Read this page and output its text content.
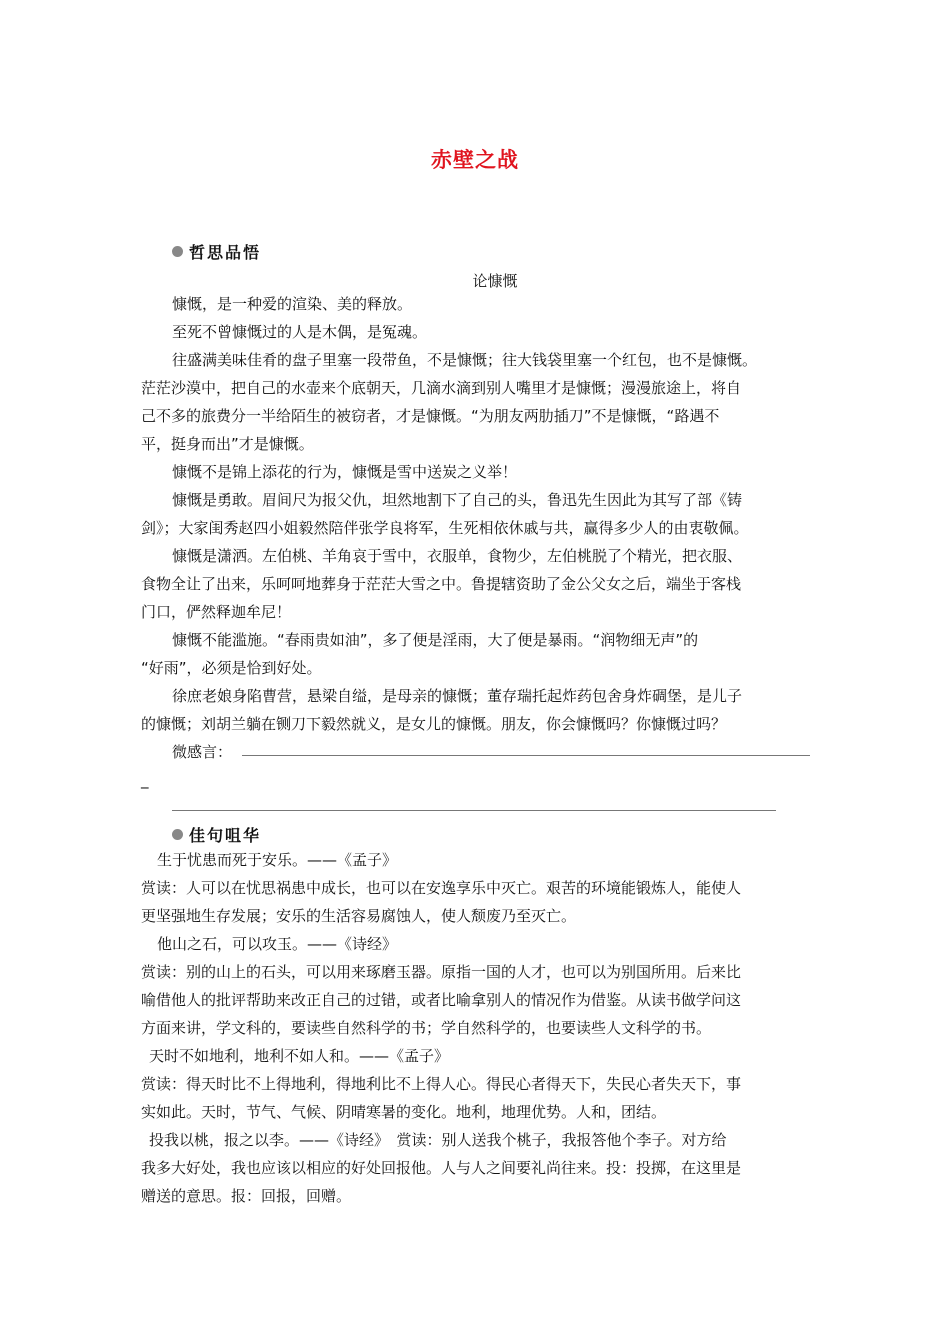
赤壁之战
哲思品悟
论慷慨
慷慨，是一种爱的渲染、美的释放。
至死不曾慷慨过的人是木偶，是冤魂。
往盛满美味佳肴的盘子里塞一段带鱼，不是慷慨；往大钱袋里塞一个红包，也不是慷慨。
茫茫沙漠中，把自己的水壶来个底朝天，几滴水滴到别人嘴里才是慷慨；漫漫旅途上，将自
己不多的旅费分一半给陌生的被窃者，才是慷慨。“为朋友两肋插刀”不是慷慨，“路遇不
平，挺身而出”才是慷慨。
慷慨不是锦上添花的行为，慷慨是雪中送炭之义举！
慷慨是勇敢。眉间尺为报父仇，坦然地割下了自己的头，鲁迅先生因此为其写了部《铸
剑》；大家闺秀赵四小姐毅然陪伴张学良将军，生死相依休戚与共，赢得多少人的由衷敬佩。
慷慨是潇洒。左伯桃、羊角哀于雪中，衣服单，食物少，左伯桃脱了个精光，把衣服、
食物全让了出来，乐呵呵地葬身于茫茫大雪之中。鲁提辖资助了金公父女之后，端坐于客栈
门口，俨然释迦牟尼！
慷慨不能滥施。“春雨贵如油”，多了便是淫雨，大了便是暴雨。“润物细无声”的
“好雨”，必须是恰到好处。
徐庶老娘身陷曹营，悬梁自缢，是母亲的慷慨；董存瑞托起炸药包舍身炸碉堡，是儿子
的慷慨；刘胡兰躺在铡刀下毅然就义，是女儿的慷慨。朋友，你会慷慨吗？你慷慨过吗？
微感言：
_
佳句咀华
生于忧患而死于安乐。——《孟子》
赏读：人可以在忧思祸患中成长，也可以在安逸享乐中灭亡。艰苦的环境能锻炼人，能使人
更坚强地生存发展；安乐的生活容易腐蚀人，使人颓废乃至灭亡。
他山之石，可以攻玉。——《诗经》
赏读：别的山上的石头，可以用来琢磨玉器。原指一国的人才，也可以为别国所用。后来比
喻借他人的批评帮助来改正自己的过错，或者比喻拿别人的情况作为借鉴。从读书做学问这
方面来讲，学文科的，要读些自然科学的书；学自然科学的，也要读些人文科学的书。
天时不如地利，地利不如人和。——《孟子》
赏读：得天时比不上得地利，得地利比不上得人心。得民心者得天下，失民心者失天下，事
实如此。天时，节气、气候、阴晴寒暑的变化。地利，地理优势。人和，团结。
投我以桃，报之以李。——《诗经》　赏读：别人送我个桃子，我报答他个李子。对方给
我多大好处，我也应该以相应的好处回报他。人与人之间要礼尚往来。投：投掷，在这里是
赠送的意思。报：回报，回赠。
